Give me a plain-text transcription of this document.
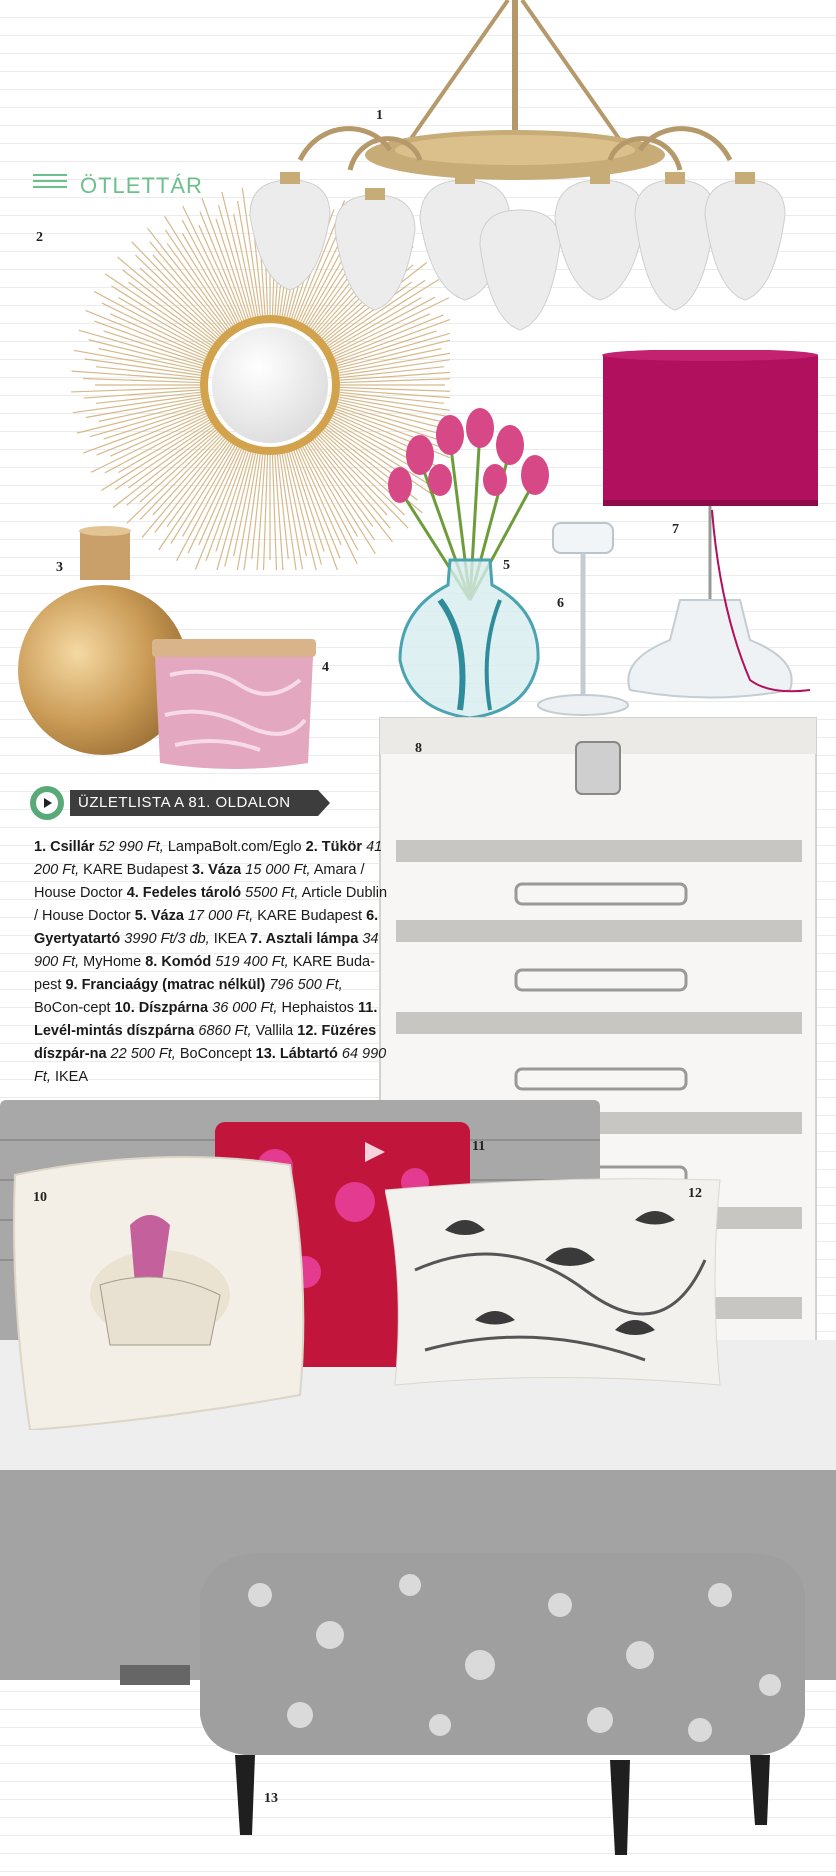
ÖTLETTÁR
1
2
3
4
5
6
7
8
10
11
12
13
ÜZLETLISTA A 81. OLDALON
1. Csillár 52 990 Ft, LampaBolt.com/Eglo 2. Tükör 41 200 Ft, KARE Budapest 3. Váza 15 000 Ft, Amara / House Doctor 4. Fedeles tároló 5500 Ft, Article Dublin / House Doctor 5. Váza 17 000 Ft, KARE Budapest 6. Gyertyatartó 3990 Ft/3 db, IKEA 7. Asztali lámpa 34 900 Ft, MyHome 8. Komód 519 400 Ft, KARE Buda-pest 9. Franciaágy (matrac nélkül) 796 500 Ft, BoCon-cept 10. Díszpárna 36 000 Ft, Hephaistos 11. Levél-mintás díszpárna 6860 Ft, Vallila 12. Füzéres díszpár-na 22 500 Ft, BoConcept 13. Lábtartó 64 990 Ft, IKEA
